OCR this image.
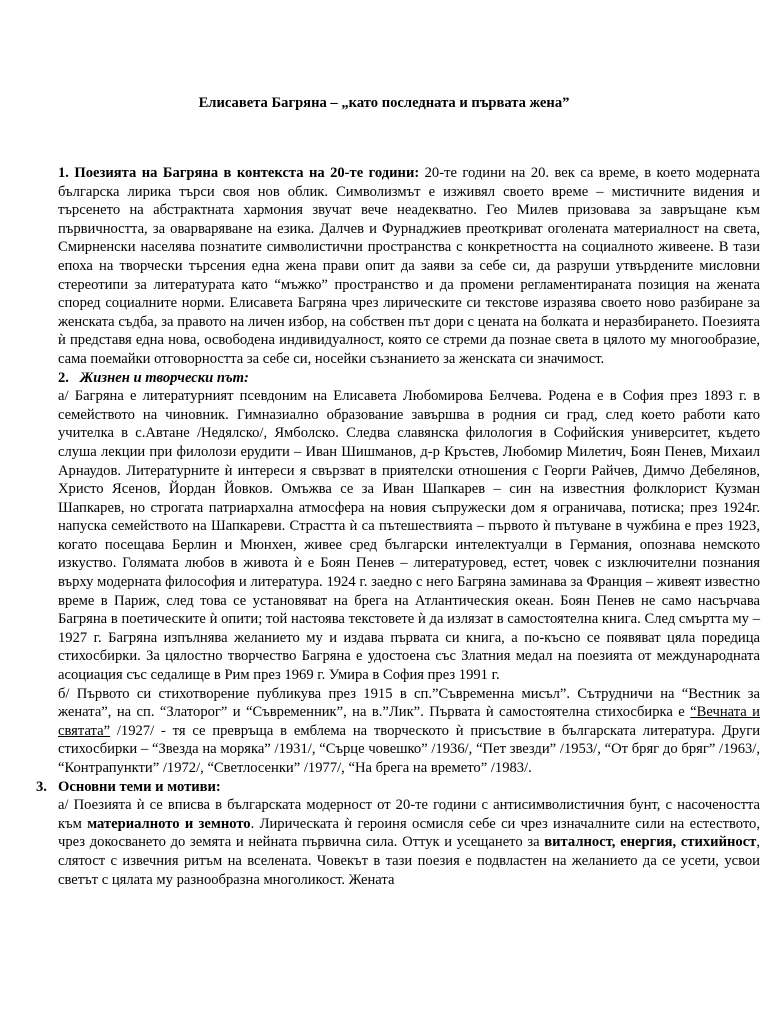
Елисавета Багряна – „като последната и първата жена”

1. Поезията на Багряна в контекста на 20-те години: 20-те години на 20. век са време, в което модерната българска лирика търси своя нов облик. Символизмът е изживял своето време – мистичните видения и търсенето на абстрактната хармония звучат вече неадекватно. Гео Милев призовава за завръщане към първичността, за оварваряване на езика. Далчев и Фурнаджиев преоткриват оголената материалност на света, Смирненски населява познатите символистични пространства с конкретността на социалното живеене. В тази епоха на творчески търсения една жена прави опит да заяви за себе си, да разруши утвърдените мисловни стереотипи за литературата като “мъжко” пространство и да промени регламентираната позиция на жената според социалните норми. Елисавета Багряна чрез лирическите си текстове изразява своето ново разбиране за женската съдба, за правото на личен избор, на собствен път дори с цената на болката и неразбирането. Поезията ѝ представя една нова, освободена индивидуалност, която се стреми да познае света в цялото му многообразие, сама поемайки отговорността за себе си, носейки съзнанието за женската си значимост.

2. Жизнен и творчески път:

а/ Багряна е литературният псевдоним на Елисавета Любомирова Белчева. Родена е в София през 1893 г. в семейството на чиновник. Гимназиално образование завършва в родния си град, след което работи като учителка в с.Автане /Недялско/, Ямболско. Следва славянска филология в Софийския университет, където слуша лекции при филолози ерудити – Иван Шишманов, д-р Кръстев, Любомир Милетич, Боян Пенев, Михаил Арнаудов. Литературните ѝ интереси я свързват в приятелски отношения с Георги Райчев, Димчо Дебелянов, Христо Ясенов, Йордан Йовков. Омъжва се за Иван Шапкарев – син на известния фолклорист Кузман Шапкарев, но строгата патриархална атмосфера на новия съпружески дом я ограничава, потиска; през 1924г. напуска семейството на Шапкареви. Страстта ѝ са пътешествията – първото ѝ пътуване в чужбина е през 1923, когато посещава Берлин и Мюнхен, живее сред български интелектуалци в Германия, опознава немското изкуство. Голямата любов в живота ѝ е Боян Пенев – литературовед, естет, човек с изключителни познания върху модерната философия и литература. 1924 г. заедно с него Багряна заминава за Франция – живеят известно време в Париж, след това се установяват на брега на Атлантическия океан. Боян Пенев не само насърчава Багряна в поетическите ѝ опити; той настоява текстовете ѝ да излязат в самостоятелна книга. След смъртта му – 1927 г. Багряна изпълнява желанието му и издава първата си книга, а по-късно се появяват цяла поредица стихосбирки. За цялостно творчество Багряна е удостоена със Златния медал на поезията от международната асоциация със седалище в Рим през 1969 г. Умира в София през 1991 г.

б/ Първото си стихотворение публикува през 1915 в сп.”Съвременна мисъл”. Сътрудничи на “Вестник за жената”, на сп. “Златорог” и “Съвременник”, на в.”Лик”. Първата ѝ самостоятелна стихосбирка е “Вечната и святата” /1927/ - тя се превръща в емблема на творческото ѝ присъствие в българската литература. Други стихосбирки – “Звезда на моряка” /1931/, “Сърце човешко” /1936/, “Пет звезди” /1953/, “От бряг до бряг” /1963/, “Контрапункти” /1972/, “Светлосенки” /1977/, “На брега на времето” /1983/.

3. Основни теми и мотиви:

а/ Поезията ѝ се вписва в българската модерност от 20-те години с антисимволистичния бунт, с насочеността към материалното и земното. Лирическата ѝ героиня осмисля себе си чрез изначалните сили на естеството, чрез докосването до земята и нейната първична сила. Оттук и усещането за виталност, енергия, стихийност, слятост с извечния ритъм на вселената. Човекът в тази поезия е подвластен на желанието да се усети, усвои светът с цялата му разнообразна многоликост. Жената
